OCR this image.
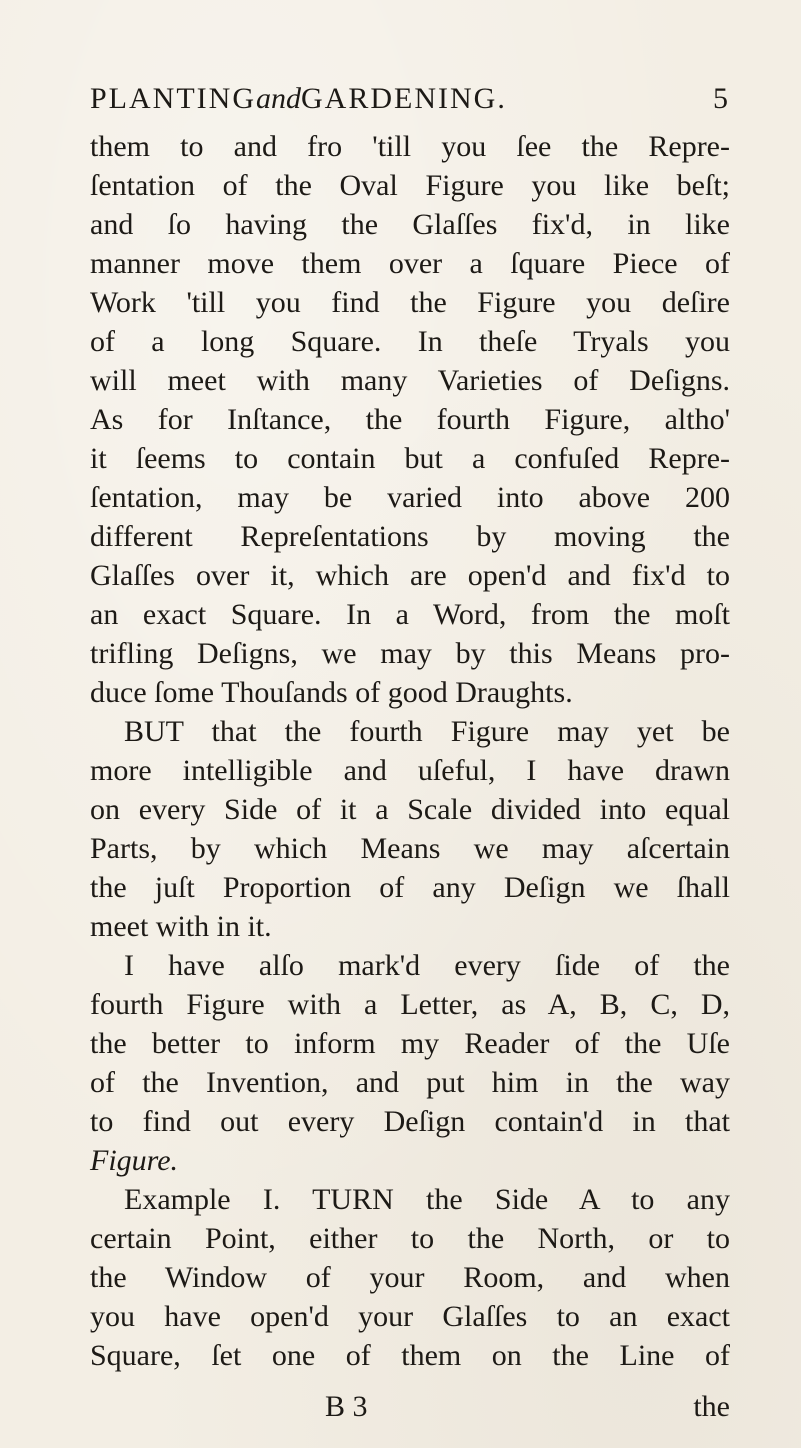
PLANTINGandGARDENING.	5
them to and fro 'till you ſee the Repre-
ſentation of the Oval Figure you like beſt;
and ſo having the Glaſſes fix'd, in like
manner move them over a ſquare Piece of
Work 'till you find the Figure you deſire
of a long Square. In theſe Tryals you
will meet with many Varieties of Deſigns.
As for Inſtance, the fourth Figure, altho'
it ſeems to contain but a confuſed Repre-
ſentation, may be varied into above 200
different Repreſentations by moving the
Glaſſes over it, which are open'd and fix'd to
an exact Square. In a Word, from the moſt
trifling Deſigns, we may by this Means pro-
duce ſome Thouſands of good Draughts.
BUT that the fourth Figure may yet be
more intelligible and uſeful, I have drawn
on every Side of it a Scale divided into equal
Parts, by which Means we may aſcertain
the juſt Proportion of any Deſign we ſhall
meet with in it.
I have alſo mark'd every ſide of the
fourth Figure with a Letter, as A, B, C, D,
the better to inform my Reader of the Uſe
of the Invention, and put him in the way
to find out every Deſign contain'd in that
Figure.
Example I. TURN the Side A to any
certain Point, either to the North, or to
the Window of your Room, and when
you have open'd your Glaſſes to an exact
Square, ſet one of them on the Line of
B 3	the
